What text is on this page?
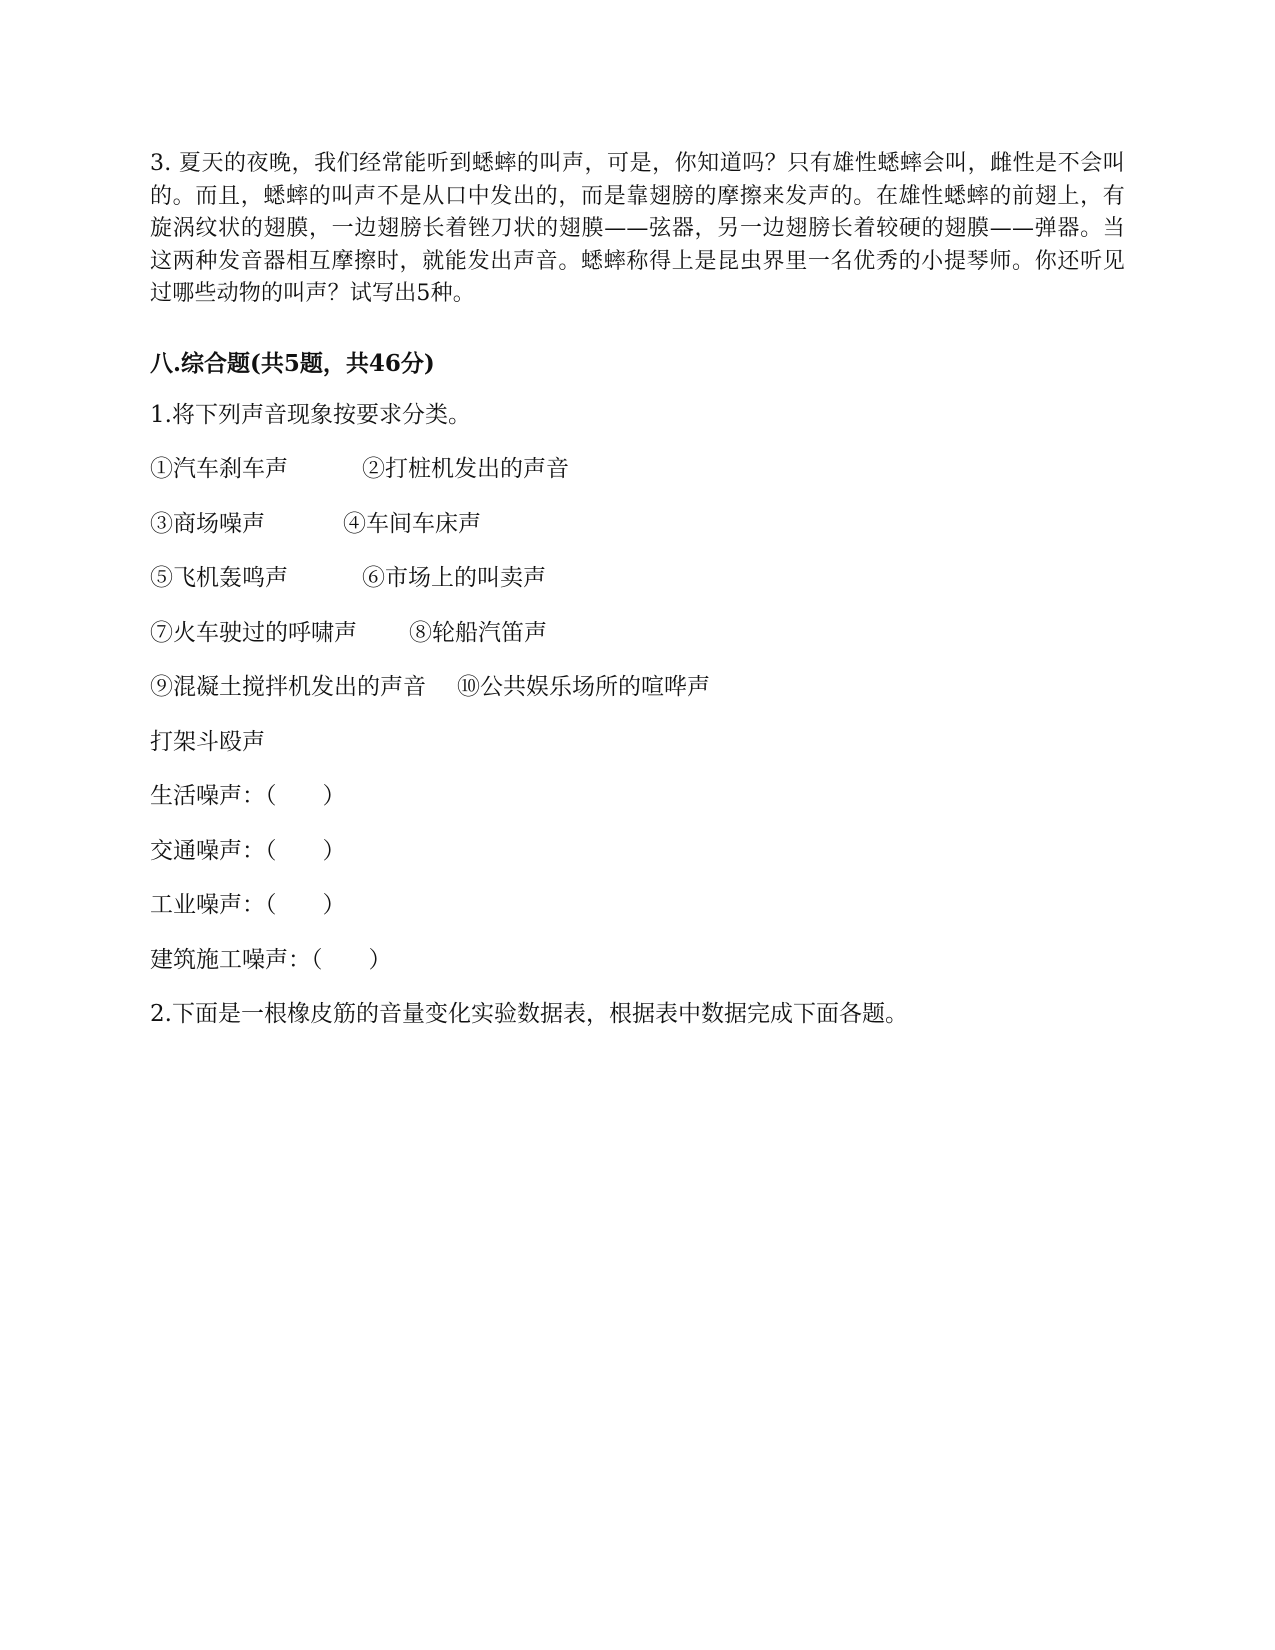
3. 夏天的夜晚，我们经常能听到蟋蟀的叫声，可是，你知道吗？只有雄性蟋蟀会叫，雌性是不会叫的。而且，蟋蟀的叫声不是从口中发出的，而是靠翅膀的摩擦来发声的。在雄性蟋蟀的前翅上，有旋涡纹状的翅膜，一边翅膀长着锉刀状的翅膜——弦器，另一边翅膀长着较硬的翅膜——弹器。当这两种发音器相互摩擦时，就能发出声音。蟋蟀称得上是昆虫界里一名优秀的小提琴师。你还听见过哪些动物的叫声？试写出5种。
八.综合题(共5题，共46分)
1.将下列声音现象按要求分类。

①汽车刹车声

	②打桩机发出的声音

③商场噪声

	④车间车床声

⑤飞机轰鸣声

	⑥市场上的叫卖声

⑦火车驶过的呼啸声

⑧轮船汽笛声

⑨混凝土搅拌机发出的声音

⑩公共娱乐场所的喧哗声

打架斗殴声
生活噪声：（　　）
交通噪声：（　　）
工业噪声：（　　）
建筑施工噪声：（　　）
2.下面是一根橡皮筋的音量变化实验数据表，根据表中数据完成下面各题。
